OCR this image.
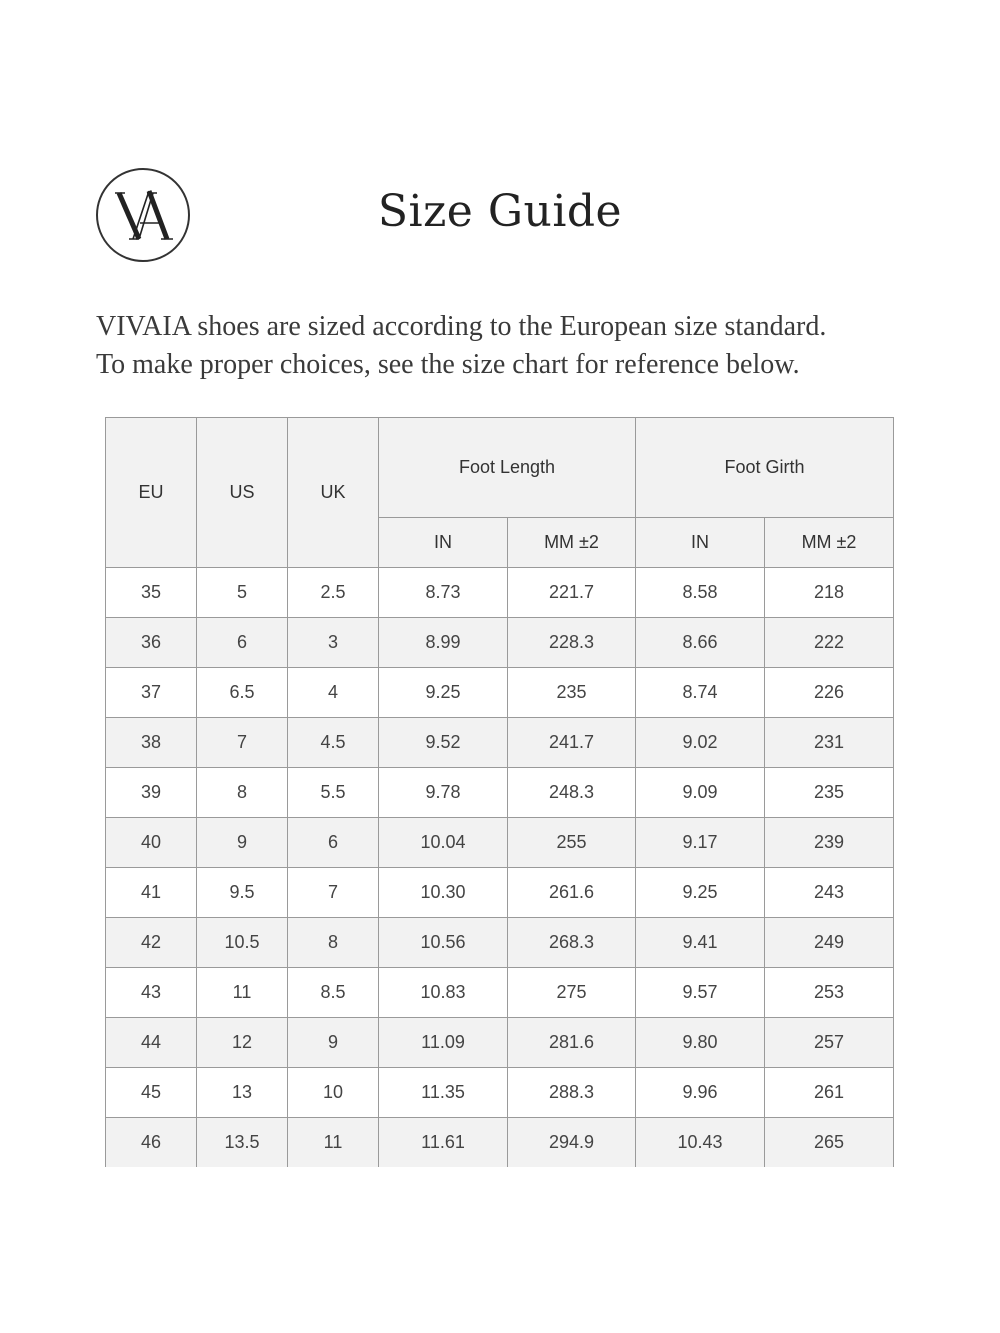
Size Guide
VIVAIA shoes are sized according to the European size standard.
To make proper choices, see the size chart for reference below.
EU	US	UK	Foot Length		Foot Girth	
			IN	MM ±2	IN	MM ±2
35	5	2.5	8.73	221.7	8.58	218
36	6	3	8.99	228.3	8.66	222
37	6.5	4	9.25	235	8.74	226
38	7	4.5	9.52	241.7	9.02	231
39	8	5.5	9.78	248.3	9.09	235
40	9	6	10.04	255	9.17	239
41	9.5	7	10.30	261.6	9.25	243
42	10.5	8	10.56	268.3	9.41	249
43	11	8.5	10.83	275	9.57	253
44	12	9	11.09	281.6	9.80	257
45	13	10	11.35	288.3	9.96	261
46	13.5	11	11.61	294.9	10.43	265
